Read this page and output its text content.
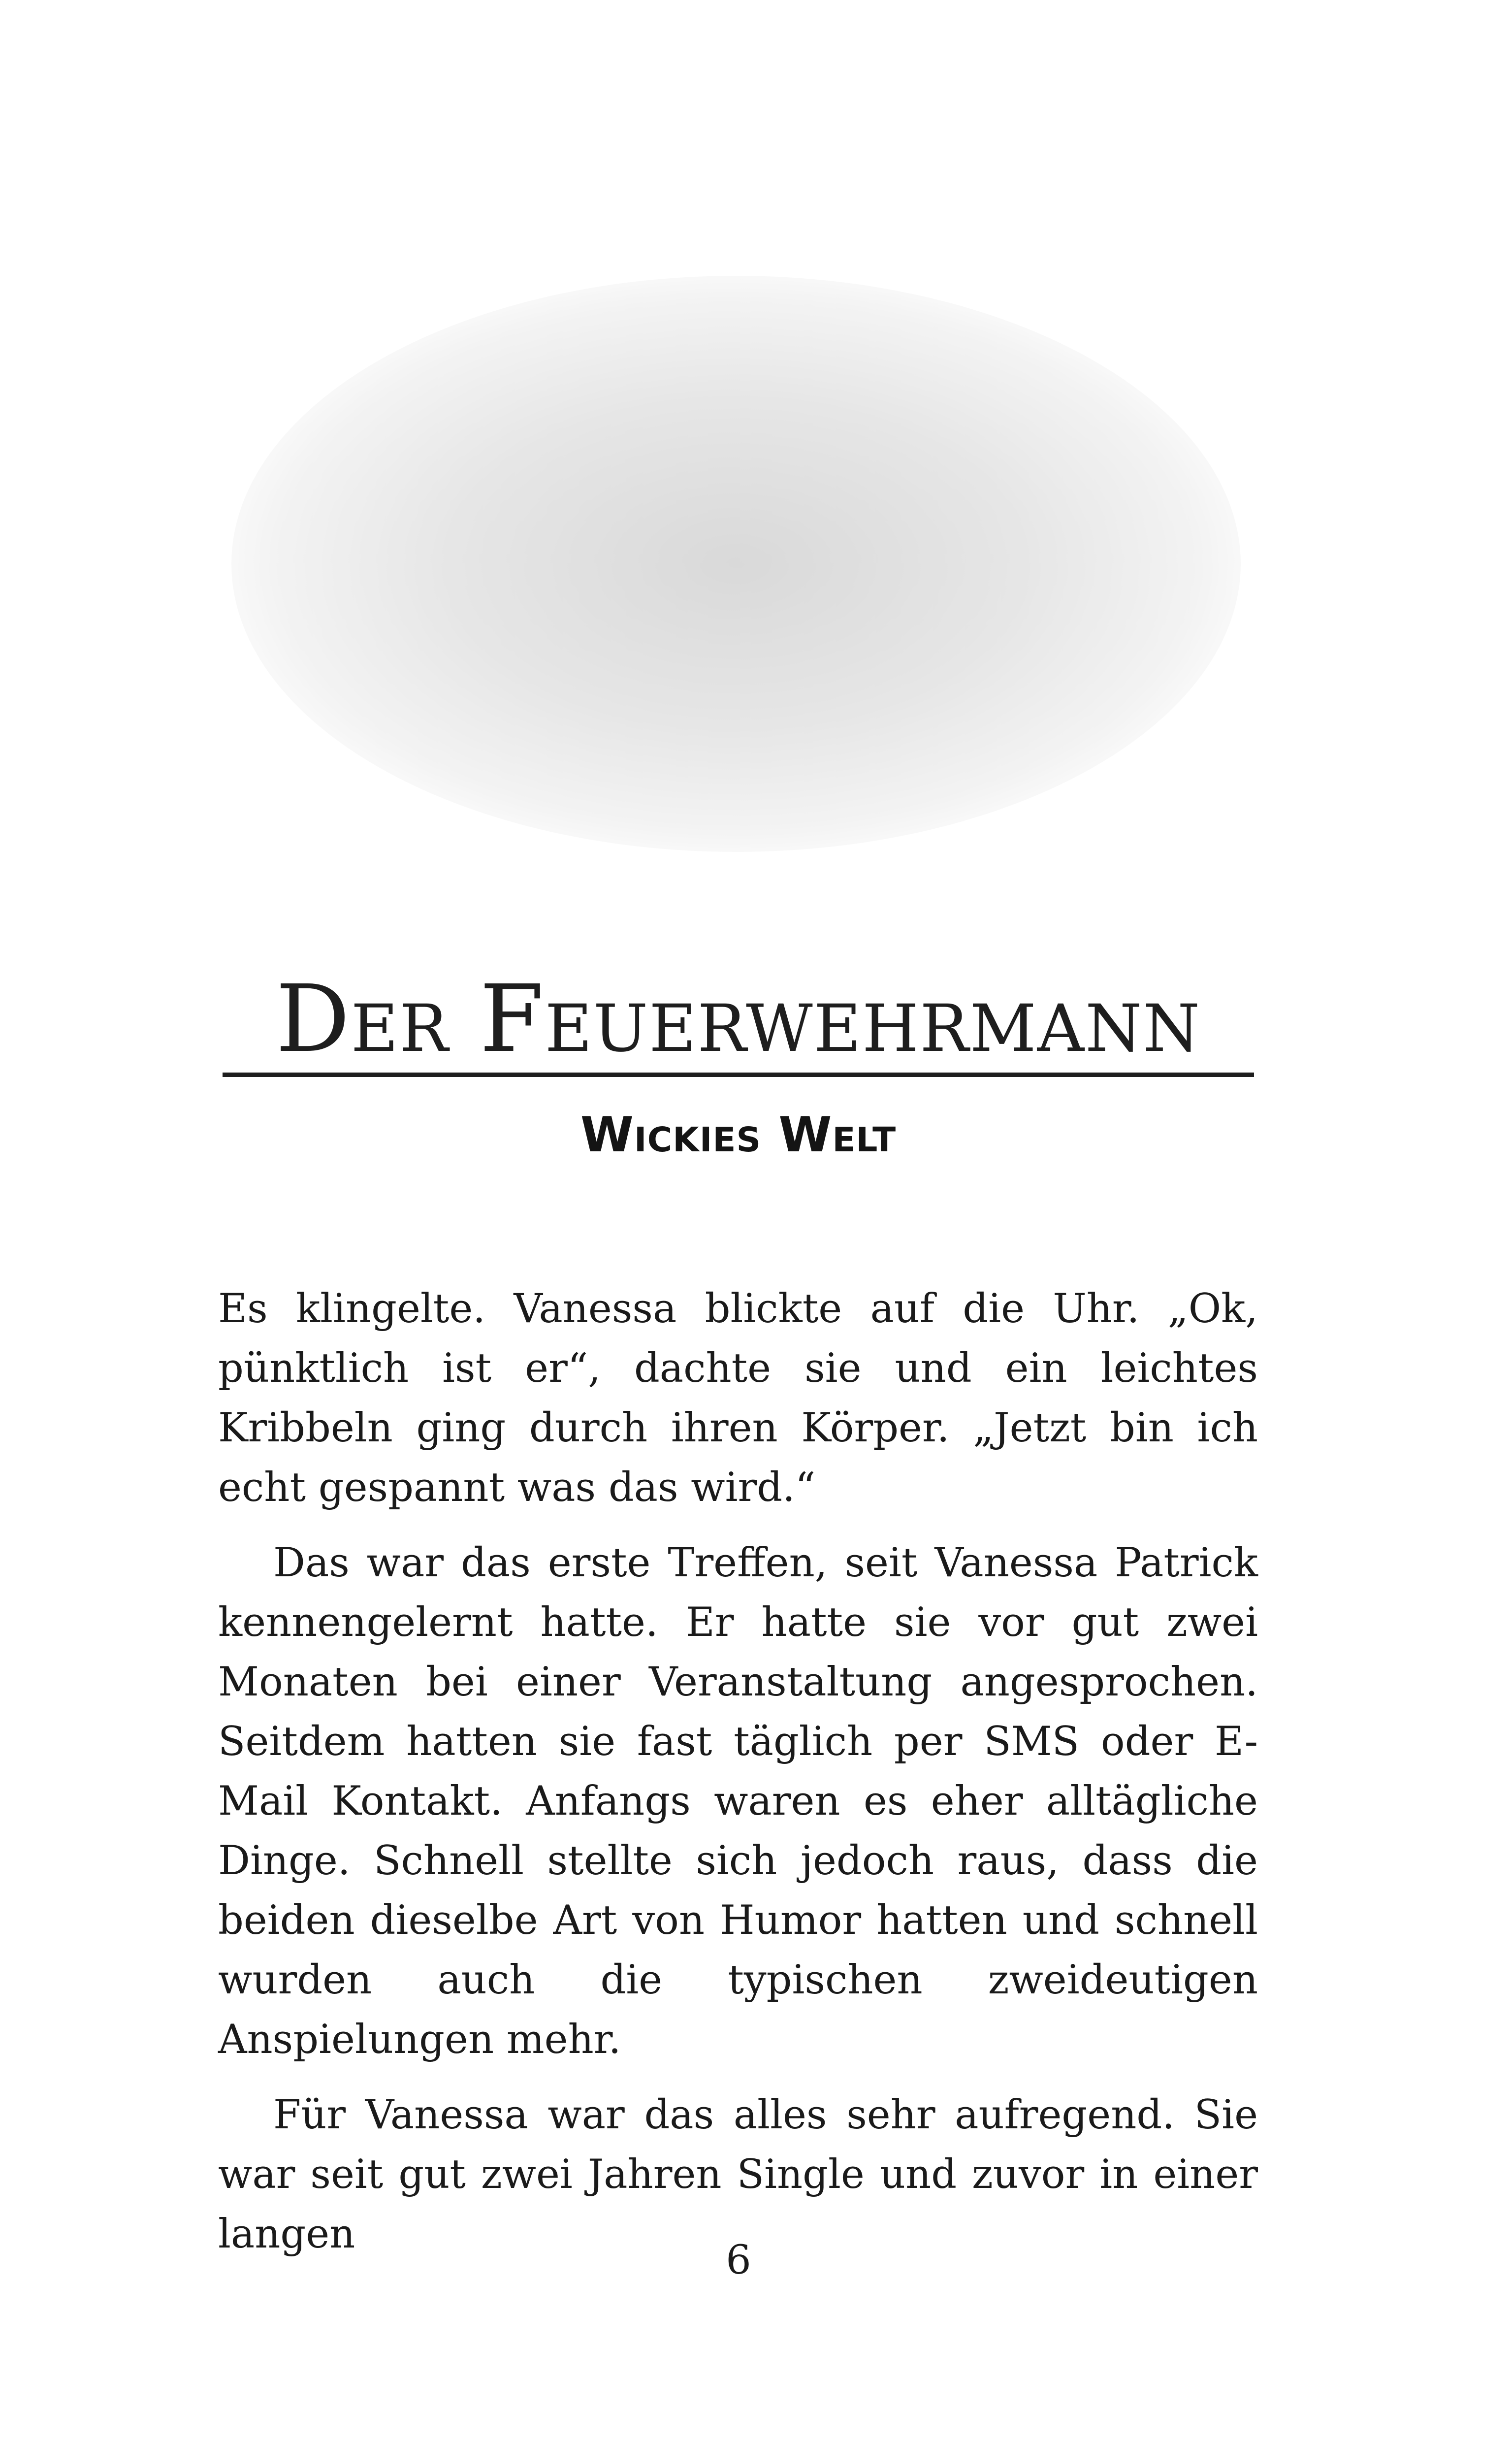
Der Feuerwehrmann
Wickies Welt

Es klingelte. Vanessa blickte auf die Uhr. „Ok, pünktlich ist er“, dachte sie und ein leichtes Kribbeln ging durch ihren Körper. „Jetzt bin ich echt gespannt was das wird.“

Das war das erste Treffen, seit Vanessa Patrick kennengelernt hatte. Er hatte sie vor gut zwei Monaten bei einer Veranstaltung angesprochen. Seitdem hatten sie fast täglich per SMS oder E-Mail Kontakt. Anfangs waren es eher alltägliche Dinge. Schnell stellte sich jedoch raus, dass die beiden dieselbe Art von Humor hatten und schnell wurden auch die typischen zweideutigen Anspielungen mehr.

Für Vanessa war das alles sehr aufregend. Sie war seit gut zwei Jahren Single und zuvor in einer langen

6
